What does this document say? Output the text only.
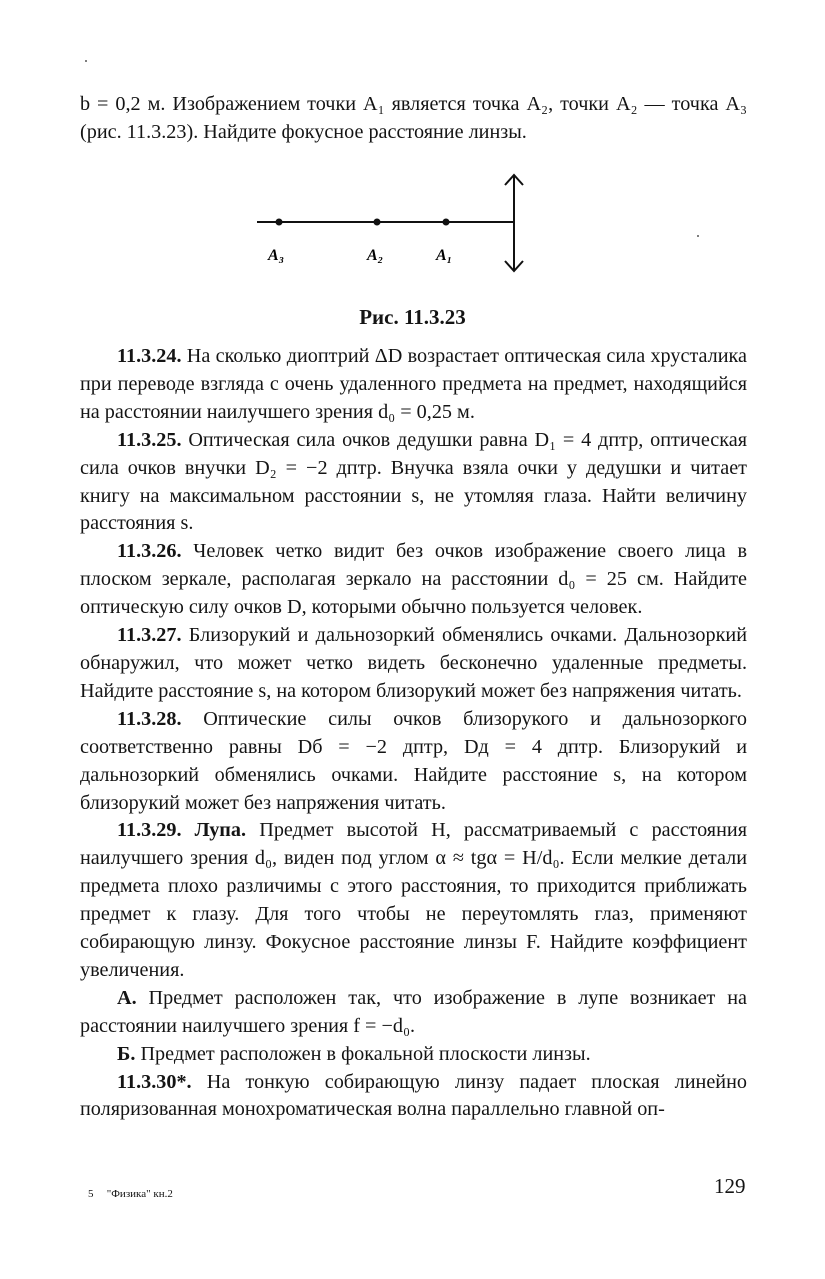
b = 0,2 м. Изображением точки A₁ является точка A₂, точки A₂ — точка A₃ (рис. 11.3.23). Найдите фокусное расстояние линзы.

A₃	A₂	A₁
Рис. 11.3.23

11.3.24. На сколько диоптрий ΔD возрастает оптическая сила хрусталика при переводе взгляда с очень удаленного предмета на предмет, находящийся на расстоянии наилучшего зрения d₀ = 0,25 м.

11.3.25. Оптическая сила очков дедушки равна D₁ = 4 дптр, оптическая сила очков внучки D₂ = −2 дптр. Внучка взяла очки у дедушки и читает книгу на максимальном расстоянии s, не утомляя глаза. Найти величину расстояния s.

11.3.26. Человек четко видит без очков изображение своего лица в плоском зеркале, располагая зеркало на расстоянии d₀ = 25 см. Найдите оптическую силу очков D, которыми обычно пользуется человек.

11.3.27. Близорукий и дальнозоркий обменялись очками. Дальнозоркий обнаружил, что может четко видеть бесконечно удаленные предметы. Найдите расстояние s, на котором близорукий может без напряжения читать.

11.3.28. Оптические силы очков близорукого и дальнозоркого соответственно равны Dб = −2 дптр, Dд = 4 дптр. Близорукий и дальнозоркий обменялись очками. Найдите расстояние s, на котором близорукий может без напряжения читать.

11.3.29. Лупа. Предмет высотой H, рассматриваемый с расстояния наилучшего зрения d₀, виден под углом α ≈ tgα = H/d₀. Если мелкие детали предмета плохо различимы с этого расстояния, то приходится приближать предмет к глазу. Для того чтобы не переутомлять глаз, применяют собирающую линзу. Фокусное расстояние линзы F. Найдите коэффициент увеличения.

А. Предмет расположен так, что изображение в лупе возникает на расстоянии наилучшего зрения f = −d₀.

Б. Предмет расположен в фокальной плоскости линзы.

11.3.30*. На тонкую собирающую линзу падает плоская линейно поляризованная монохроматическая волна параллельно главной оп-

5 "Физика" кн.2	129
